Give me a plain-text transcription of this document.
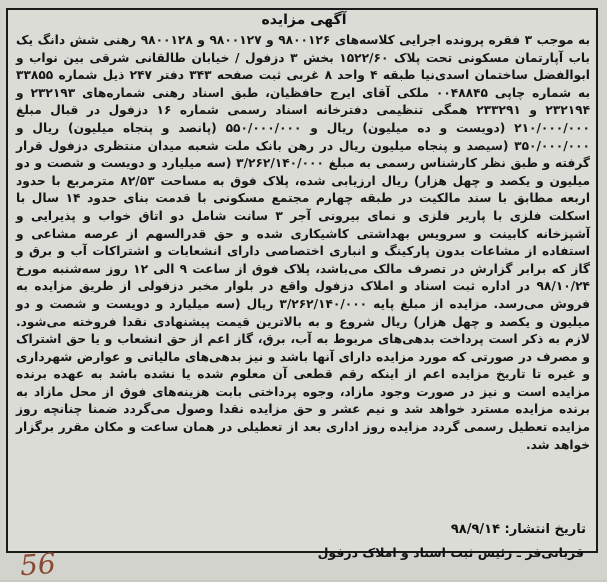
آگهی مزایده
به موجب ۳ فقره پرونده اجرایی کلاسه‌های ۹۸۰۰۱۲۶ و ۹۸۰۰۱۲۷ و ۹۸۰۰۱۲۸ رهنی شش دانگ یک باب آپارتمان مسکونی تحت پلاک ۱۵۲۲/۶۰ بخش ۳ دزفول / خیابان طالقانی شرقی بین نواب و ابوالفضل ساختمان اسدی‌نیا طبقه ۴ واحد ۸ غربی ثبت صفحه ۳۴۳ دفتر ۲۴۷ ذیل شماره ۳۳۸۵۵ به شماره چاپی ۰۰۴۸۸۴۵ ملکی آقای ایرج حافظیان، طبق اسناد رهنی شماره‌های ۲۳۲۱۹۳ و ۲۳۲۱۹۴ و ۲۳۳۲۹۱ همگی تنظیمی دفترخانه اسناد رسمی شماره ۱۶ دزفول در قبال مبلغ ۲۱۰/۰۰۰/۰۰۰ (دویست و ده میلیون) ریال و ۵۵۰/۰۰۰/۰۰۰ (پانصد و پنجاه میلیون) ریال و ۳۵۰/۰۰۰/۰۰۰ (سیصد و پنجاه میلیون ریال در رهن بانک ملت شعبه میدان منتظری دزفول قرار گرفته و طبق نظر کارشناس رسمی به مبلغ ۳/۲۶۲/۱۴۰/۰۰۰ (سه میلیارد و دویست و شصت و دو میلیون و یکصد و چهل هزار) ریال ارزیابی شده، پلاک فوق به مساحت ۸۲/۵۳ مترمربع با حدود اربعه مطابق با سند مالکیت در طبقه چهارم مجتمع مسکونی با قدمت بنای حدود ۱۴ سال با اسکلت فلزی با پاریر فلزی و نمای بیرونی آجر ۳ سانت شامل دو اتاق خواب و پذیرایی و آشپزخانه کابینت و سرویس بهداشتی کاشیکاری شده و حق قدرالسهم از عرصه مشاعی و استفاده از مشاعات بدون پارکینگ و انباری اختصاصی دارای انشعابات و اشتراکات آب و برق و گاز که برابر گزارش در تصرف مالک می‌باشد، پلاک فوق از ساعت ۹ الی ۱۲ روز سه‌شنبه مورخ ۹۸/۱۰/۲۴ در اداره ثبت اسناد و املاک دزفول واقع در بلوار مخبر دزفولی از طریق مزایده به فروش می‌رسد. مزایده از مبلغ پایه ۳/۲۶۲/۱۴۰/۰۰۰ ریال (سه میلیارد و دویست و شصت و دو میلیون و یکصد و چهل هزار) ریال شروع و به بالاترین قیمت پیشنهادی نقدا فروخته می‌شود. لازم به ذکر است پرداخت بدهی‌های مربوط به آب، برق، گاز اعم از حق انشعاب و یا حق اشتراک و مصرف در صورتی که مورد مزایده دارای آنها باشد و نیز بدهی‌های مالیاتی و عوارض شهرداری و غیره تا تاریخ مزایده اعم از اینکه رقم قطعی آن معلوم شده یا نشده باشد به عهده برنده مزایده است و نیز در صورت وجود مازاد، وجوه پرداختی بابت هزینه‌های فوق از محل مازاد به برنده مزایده مسترد خواهد شد و نیم عشر و حق مزایده نقدا وصول می‌گردد ضمنا چنانچه روز مزایده تعطیل رسمی گردد مزایده روز اداری بعد از تعطیلی در همان ساعت و مکان مقرر برگزار خواهد شد.
تاریخ انتشار: ۹۸/۹/۱۴
قربانی‌فر ـ رئیس ثبت اسناد و املاک دزفول
56
